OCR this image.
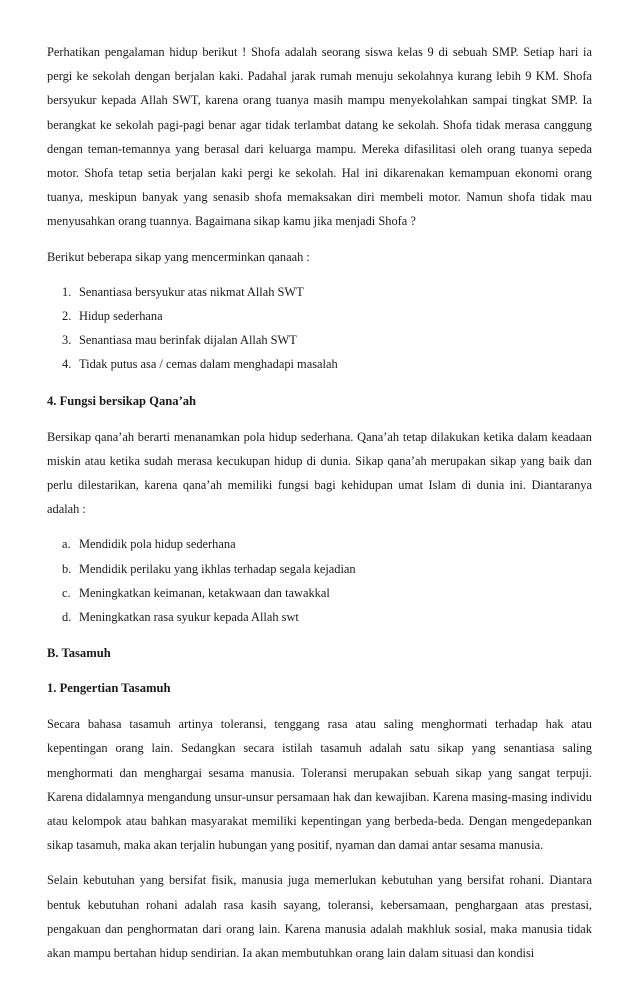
Perhatikan pengalaman hidup berikut ! Shofa adalah seorang siswa kelas 9 di sebuah SMP. Setiap hari ia pergi ke sekolah dengan berjalan kaki. Padahal jarak rumah menuju sekolahnya kurang lebih 9 KM. Shofa bersyukur kepada Allah SWT, karena orang tuanya masih mampu menyekolahkan sampai tingkat SMP. Ia berangkat ke sekolah pagi-pagi benar agar tidak terlambat datang ke sekolah. Shofa tidak merasa canggung dengan teman-temannya yang berasal dari keluarga mampu. Mereka difasilitasi oleh orang tuanya sepeda motor. Shofa tetap setia berjalan kaki pergi ke sekolah. Hal ini dikarenakan kemampuan ekonomi orang tuanya, meskipun banyak yang senasib shofa memaksakan diri membeli motor. Namun shofa tidak mau menyusahkan orang tuannya. Bagaimana sikap kamu jika menjadi Shofa ?

Berikut beberapa sikap yang mencerminkan qanaah :

1. Senantiasa bersyukur atas nikmat Allah SWT
2. Hidup sederhana
3. Senantiasa mau berinfak dijalan Allah SWT
4. Tidak putus asa / cemas dalam menghadapi masalah
4. Fungsi bersikap Qana’ah

Bersikap qana’ah berarti menanamkan pola hidup sederhana. Qana’ah tetap dilakukan ketika dalam keadaan miskin atau ketika sudah merasa kecukupan hidup di dunia. Sikap qana’ah merupakan sikap yang baik dan perlu dilestarikan, karena qana’ah memiliki fungsi bagi kehidupan umat Islam di dunia ini. Diantaranya adalah :

a. Mendidik pola hidup sederhana
b. Mendidik perilaku yang ikhlas terhadap segala kejadian
c. Meningkatkan keimanan, ketakwaan dan tawakkal
d. Meningkatkan rasa syukur kepada Allah swt
B. Tasamuh
1. Pengertian Tasamuh

Secara bahasa tasamuh artinya toleransi, tenggang rasa atau saling menghormati terhadap hak atau kepentingan orang lain. Sedangkan secara istilah tasamuh adalah satu sikap yang senantiasa saling menghormati dan menghargai sesama manusia. Toleransi merupakan sebuah sikap yang sangat terpuji. Karena didalamnya mengandung unsur-unsur persamaan hak dan kewajiban. Karena masing-masing individu atau kelompok atau bahkan masyarakat memiliki kepentingan yang berbeda-beda. Dengan mengedepankan sikap tasamuh, maka akan terjalin hubungan yang positif, nyaman dan damai antar sesama manusia.

Selain kebutuhan yang bersifat fisik, manusia juga memerlukan kebutuhan yang bersifat rohani. Diantara bentuk kebutuhan rohani adalah rasa kasih sayang, toleransi, kebersamaan, penghargaan atas prestasi, pengakuan dan penghormatan dari orang lain. Karena manusia adalah makhluk sosial, maka manusia tidak akan mampu bertahan hidup sendirian. Ia akan membutuhkan orang lain dalam situasi dan kondisi
